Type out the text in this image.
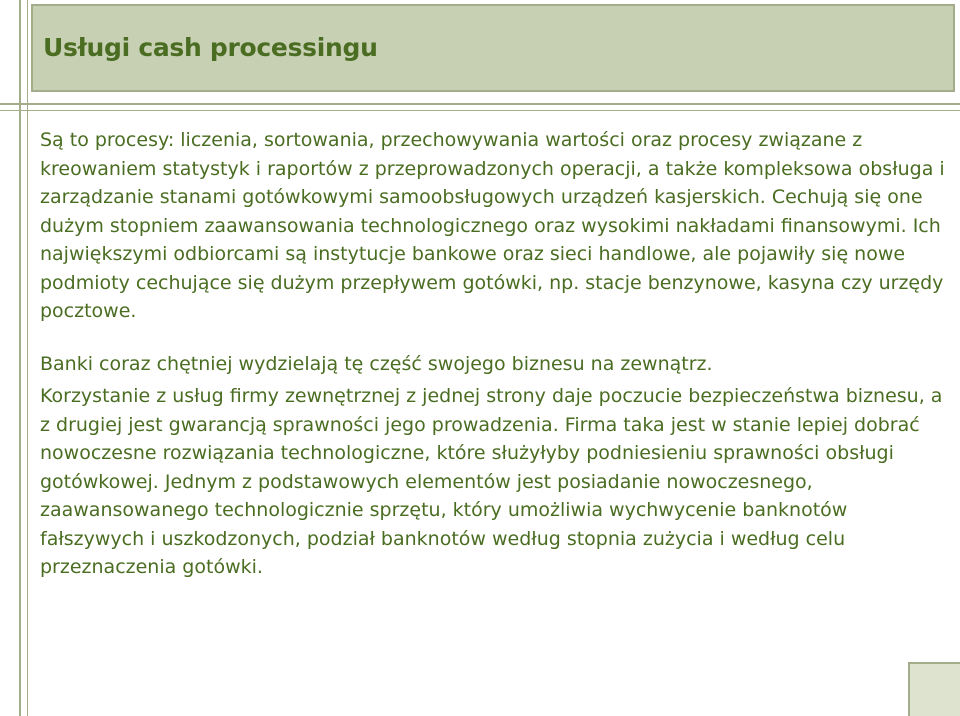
Usługi cash processingu

Są to procesy: liczenia, sortowania, przechowywania wartości oraz procesy związane z kreowaniem statystyk i raportów z przeprowadzonych operacji, a także kompleksowa obsługa i zarządzanie stanami gotówkowymi samoobsługowych urządzeń kasjerskich. Cechują się one dużym stopniem zaawansowania technologicznego oraz wysokimi nakładami finansowymi. Ich największymi odbiorcami są instytucje bankowe oraz sieci handlowe, ale pojawiły się nowe podmioty cechujące się dużym przepływem gotówki, np. stacje benzynowe, kasyna czy urzędy pocztowe.

Banki coraz chętniej wydzielają tę część swojego biznesu na zewnątrz.

Korzystanie z usług firmy zewnętrznej z jednej strony daje poczucie bezpieczeństwa biznesu, a z drugiej jest gwarancją sprawności jego prowadzenia. Firma taka jest w stanie lepiej dobrać nowoczesne rozwiązania technologiczne, które służyłyby podniesieniu sprawności obsługi gotówkowej. Jednym z podstawowych elementów jest posiadanie nowoczesnego, zaawansowanego technologicznie sprzętu, który umożliwia wychwycenie banknotów fałszywych i uszkodzonych, podział banknotów według stopnia zużycia i według celu przeznaczenia gotówki.
